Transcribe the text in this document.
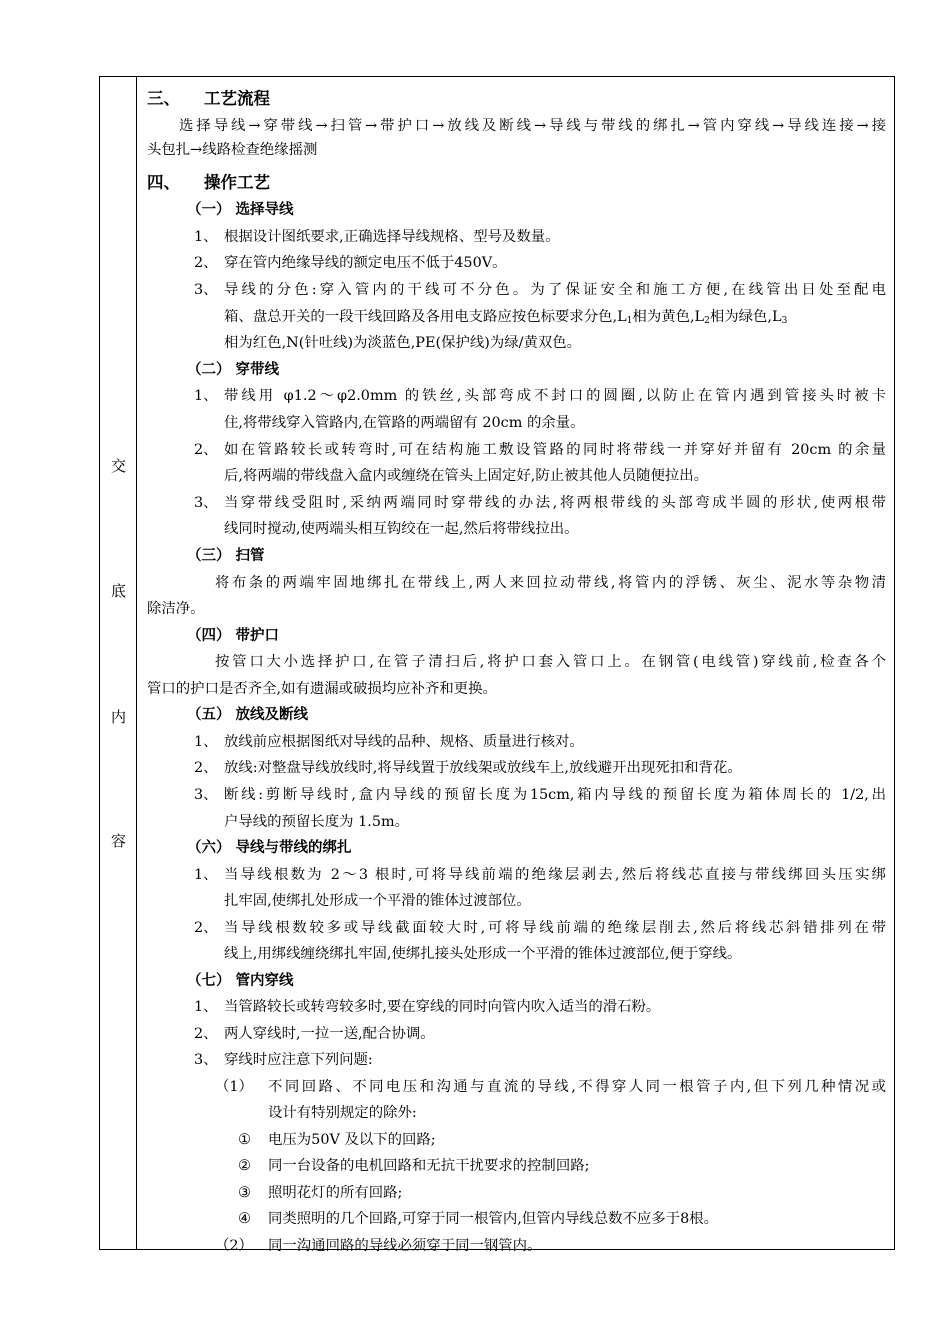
交
底
内
容
三、 工艺流程
选择导线→穿带线→扫管→带护口→放线及断线→导线与带线的绑扎→管内穿线→导线连接→接
头包扎→线路检查绝缘摇测
四、 操作工艺
（一） 选择导线
1、 根据设计图纸要求,正确选择导线规格、型号及数量。
2、 穿在管内绝缘导线的额定电压不低于450V。
3、 导线的分色:穿入管内的干线可不分色。为了保证安全和施工方便,在线管出日处至配电
箱、盘总开关的一段干线回路及各用电支路应按色标要求分色$,L_1$相为黄色$,L_2$相为绿色$,L_3$
相为红色,N(针吐线)为淡蓝色,PE(保护线)为绿/黄双色。
（二） 穿带线
1、 带线用 φ1.2～φ2.0mm 的铁丝,头部弯成不封口的圆圈,以防止在管内遇到管接头时被卡
住,将带线穿入管路内,在管路的两端留有 20cm 的余量。
2、 如在管路较长或转弯时,可在结构施工敷设管路的同时将带线一并穿好并留有 20cm 的余量
后,将两端的带线盘入盒内或缠绕在管头上固定好,防止被其他人员随便拉出。
3、 当穿带线受阻时,采纳两端同时穿带线的办法,将两根带线的头部弯成半圆的形状,使两根带
线同时搅动,使两端头相互钩绞在一起,然后将带线拉出。
（三） 扫管
将布条的两端牢固地绑扎在带线上,两人来回拉动带线,将管内的浮锈、灰尘、泥水等杂物清
除洁净。
（四） 带护口
按管口大小选择护口,在管子清扫后,将护口套入管口上。在钢管(电线管)穿线前,检查各个
管口的护口是否齐全,如有遗漏或破损均应补齐和更换。
（五） 放线及断线
1、 放线前应根据图纸对导线的品种、规格、质量进行核对。
2、 放线:对整盘导线放线时,将导线置于放线架或放线车上,放线避开出现死扣和背花。
3、 断线:剪断导线时,盒内导线的预留长度为15cm,箱内导线的预留长度为箱体周长的 1/2,出
户导线的预留长度为 1.5m。
（六） 导线与带线的绑扎
1、 当导线根数为 2～3 根时,可将导线前端的绝缘层剥去,然后将线芯直接与带线绑回头压实绑
扎牢固,使绑扎处形成一个平滑的锥体过渡部位。
2、 当导线根数较多或导线截面较大时,可将导线前端的绝缘层削去,然后将线芯斜错排列在带
线上,用绑线缠绕绑扎牢固,使绑扎接头处形成一个平滑的锥体过渡部位,便于穿线。
（七） 管内穿线
1、 当管路较长或转弯较多时,要在穿线的同时向管内吹入适当的滑石粉。
2、 两人穿线时,一拉一送,配合协调。
3、 穿线时应注意下列问题:
（1） 不同回路、不同电压和沟通与直流的导线,不得穿人同一根管子内,但下列几种情况或
设计有特别规定的除外:
① 电压为50V 及以下的回路;
② 同一台设备的电机回路和无抗干扰要求的控制回路;
③ 照明花灯的所有回路;
④ 同类照明的几个回路,可穿于同一根管内,但管内导线总数不应多于8根。
（2） 同一沟通回路的导线必须穿于同一钢管内。
